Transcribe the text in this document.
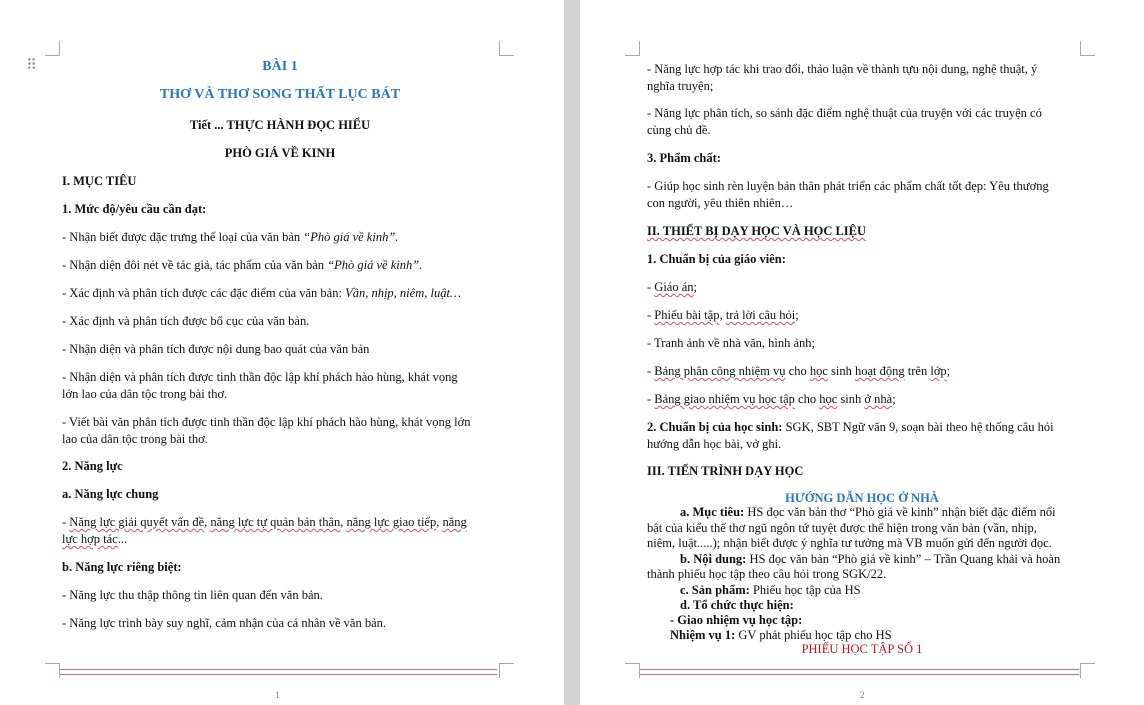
⠿	BÀI 1
THƠ VÀ THƠ SONG THẤT LỤC BÁT
Tiết ... THỰC HÀNH ĐỌC HIỂU
PHÒ GIÁ VỀ KINH
I. MỤC TIÊU
1. Mức độ/yêu cầu cần đạt:
- Nhận biết được đặc trưng thể loại của văn bản “Phò giá về kinh”.
- Nhận diện đôi nét về tác giả, tác phẩm của văn bản “Phò giá về kinh”.
- Xác định và phân tích được các đặc điểm của văn bản: Vần, nhịp, niêm, luật…
- Xác định và phân tích được bố cục của văn bản.
- Nhận diện và phân tích được nội dung bao quát của văn bản
- Nhận diện và phân tích được tinh thần độc lập khí phách hào hùng, khát vọng
lớn lao của dân tộc trong bài thơ.
- Viết bài văn phân tích được tinh thần độc lập khí phách hào hùng, khát vọng lớn
lao của dân tộc trong bài thơ.
2. Năng lực
a. Năng lực chung
- Năng lực giải quyết vấn đề, năng lực tự quản bản thân, năng lực giao tiếp, năng
lực hợp tác...
b. Năng lực riêng biệt:
- Năng lực thu thập thông tin liên quan đến văn bản.
- Năng lực trình bày suy nghĩ, cảm nhận của cá nhân về văn bản.
1
- Năng lực hợp tác khi trao đổi, thảo luận về thành tựu nội dung, nghệ thuật, ý
nghĩa truyện;
- Năng lực phân tích, so sánh đặc điểm nghệ thuật của truyện với các truyện có
cùng chủ đề.
3. Phẩm chất:
- Giúp học sinh rèn luyện bản thân phát triển các phẩm chất tốt đẹp: Yêu thương
con người, yêu thiên nhiên…
II. THIẾT BỊ DẠY HỌC VÀ HỌC LIỆU
1. Chuẩn bị của giáo viên:
- Giáo án;
- Phiếu bài tập, trả lời câu hỏi;
- Tranh ảnh về nhà văn, hình ảnh;
- Bảng phân công nhiệm vụ cho học sinh hoạt động trên lớp;
- Bảng giao nhiệm vụ học tập cho học sinh ở nhà;
2. Chuẩn bị của học sinh: SGK, SBT Ngữ văn 9, soạn bài theo hệ thống câu hỏi
hướng dẫn học bài, vở ghi.
III. TIẾN TRÌNH DẠY HỌC
HƯỚNG DẪN HỌC Ở NHÀ
a. Mục tiêu: HS đọc văn bản thơ “Phò giá về kinh” nhận biết đặc điểm nổi
bật của kiểu thể thơ ngũ ngôn tứ tuyệt được thể hiện trong văn bản (vần, nhịp,
niêm, luật.....); nhận biết được ý nghĩa tư tưởng mà VB muốn gửi đến người đọc.
b. Nội dung: HS đọc văn bản “Phò giá về kinh” – Trần Quang khải và hoàn
thành phiếu học tập theo câu hỏi trong SGK/22.
c. Sản phẩm: Phiếu học tập của HS
d. Tổ chức thực hiện:
- Giao nhiệm vụ học tập:
Nhiệm vụ 1: GV phát phiếu học tập cho HS
PHIẾU HỌC TẬP SỐ 1
2
